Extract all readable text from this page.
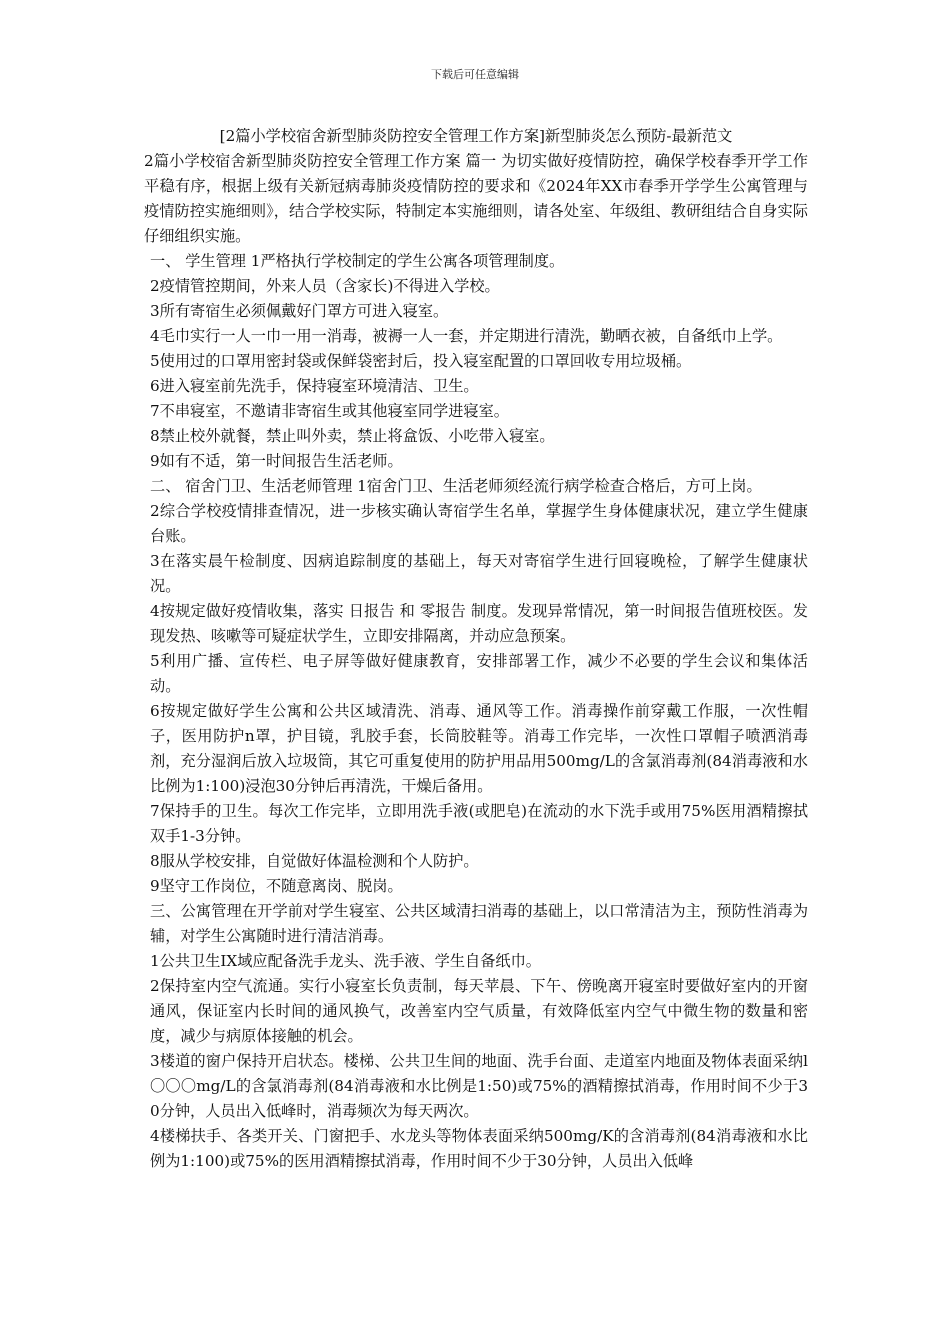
下载后可任意编辑

[2篇小学校宿舍新型肺炎防控安全管理工作方案]新型肺炎怎么预防-最新范文

2篇小学校宿舍新型肺炎防控安全管理工作方案 篇一 为切实做好疫情防控，确保学校春季开学工作平稳有序，根据上级有关新冠病毒肺炎疫情防控的要求和《2024年XX市春季开学学生公寓管理与疫情防控实施细则》，结合学校实际，特制定本实施细则，请各处室、年级组、教研组结合自身实际仔细组织实施。

一、 学生管理 1严格执行学校制定的学生公寓各项管理制度。

2疫情管控期间，外来人员（含家长)不得进入学校。

3所有寄宿生必须佩戴好门罩方可进入寝室。

4毛巾实行一人一巾一用一消毒，被褥一人一套，并定期进行清洗，勤晒衣被，自备纸巾上学。

5使用过的口罩用密封袋或保鲜袋密封后，投入寝室配置的口罩回收专用垃圾桶。

6进入寝室前先洗手，保持寝室环境清洁、卫生。

7不串寝室，不邀请非寄宿生或其他寝室同学进寝室。

8禁止校外就餐，禁止叫外卖，禁止将盒饭、小吃带入寝室。

9如有不适，第一时间报告生活老师。

二、 宿舍门卫、生活老师管理 1宿舍门卫、生活老师须经流行病学检查合格后，方可上岗。

2综合学校疫情排查情况，进一步核实确认寄宿学生名单，掌握学生身体健康状况，建立学生健康台账。

3在落实晨午检制度、因病追踪制度的基础上，每天对寄宿学生进行回寝晚检，了解学生健康状况。

4按规定做好疫情收集，落实 日报告 和 零报告 制度。发现异常情况，第一时间报告值班校医。发现发热、咳嗽等可疑症状学生，立即安排隔离，并动应急预案。

5利用广播、宣传栏、电子屏等做好健康教育，安排部署工作，减少不必要的学生会议和集体活动。

6按规定做好学生公寓和公共区域清洗、消毒、通风等工作。消毒操作前穿戴工作服，一次性帽子，医用防护n罩，护目镜，乳胶手套，长筒胶鞋等。消毒工作完毕，一次性口罩帽子喷洒消毒剂，充分湿润后放入垃圾筒，其它可重复使用的防护用品用500mg/L的含氯消毒剂(84消毒液和水比例为1:100)浸泡30分钟后再清洗，干燥后备用。

7保持手的卫生。每次工作完毕，立即用洗手液(或肥皂)在流动的水下洗手或用75%医用酒精擦拭双手1-3分钟。

8服从学校安排，自觉做好体温检测和个人防护。

9坚守工作岗位，不随意离岗、脱岗。

三、公寓管理在开学前对学生寝室、公共区域清扫消毒的基础上，以口常清洁为主，预防性消毒为辅，对学生公寓随时进行清洁消毒。

1公共卫生IX域应配备洗手龙头、洗手液、学生自备纸巾。

2保持室内空气流通。实行小寝室长负责制，每天苹晨、下午、傍晚离开寝室时要做好室内的开窗通风，保证室内长时间的通风换气，改善室内空气质量，有效降低室内空气中微生物的数量和密度，减少与病原体接触的机会。

3楼道的窗户保持开启状态。楼梯、公共卫生间的地面、洗手台面、走道室内地面及物体表面采纳l〇〇〇mg/L的含氯消毒剂(84消毒液和水比例是1:50)或75%的酒精擦拭消毒，作用时间不少于30分钟，人员出入低峰时，消毒频次为每天两次。

4楼梯扶手、各类开关、门窗把手、水龙头等物体表面采纳500mg/K的含消毒剂(84消毒液和水比例为1:100)或75%的医用酒精擦拭消毒，作用时间不少于30分钟，人员出入低峰
